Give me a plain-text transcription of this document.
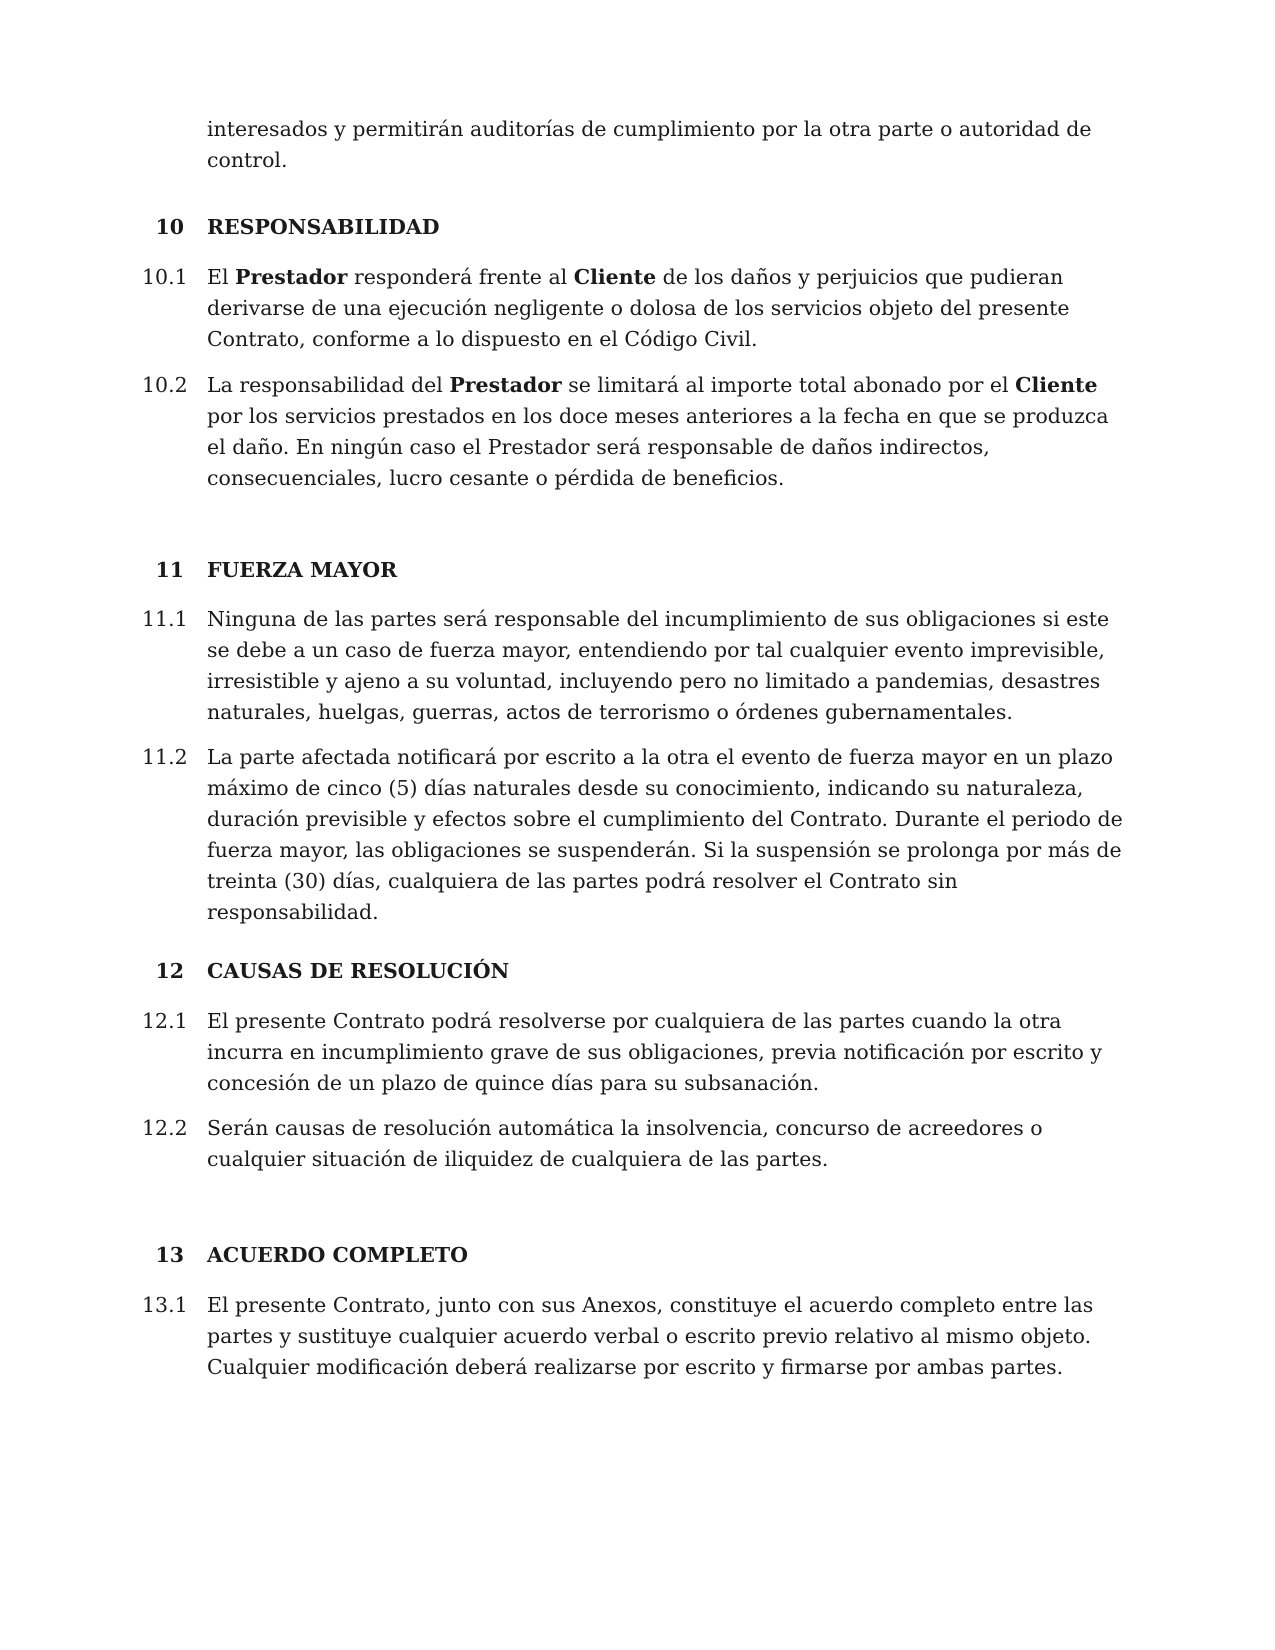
interesados y permitirán auditorías de cumplimiento por la otra parte o autoridad de control.
10 RESPONSABILIDAD
10.1 El Prestador responderá frente al Cliente de los daños y perjuicios que pudieran derivarse de una ejecución negligente o dolosa de los servicios objeto del presente Contrato, conforme a lo dispuesto en el Código Civil.
10.2 La responsabilidad del Prestador se limitará al importe total abonado por el Cliente por los servicios prestados en los doce meses anteriores a la fecha en que se produzca el daño. En ningún caso el Prestador será responsable de daños indirectos, consecuenciales, lucro cesante o pérdida de beneficios.
11 FUERZA MAYOR
11.1 Ninguna de las partes será responsable del incumplimiento de sus obligaciones si este se debe a un caso de fuerza mayor, entendiendo por tal cualquier evento imprevisible, irresistible y ajeno a su voluntad, incluyendo pero no limitado a pandemias, desastres naturales, huelgas, guerras, actos de terrorismo o órdenes gubernamentales.
11.2 La parte afectada notificará por escrito a la otra el evento de fuerza mayor en un plazo máximo de cinco (5) días naturales desde su conocimiento, indicando su naturaleza, duración previsible y efectos sobre el cumplimiento del Contrato. Durante el periodo de fuerza mayor, las obligaciones se suspenderán. Si la suspensión se prolonga por más de treinta (30) días, cualquiera de las partes podrá resolver el Contrato sin responsabilidad.
12 CAUSAS DE RESOLUCIÓN
12.1 El presente Contrato podrá resolverse por cualquiera de las partes cuando la otra incurra en incumplimiento grave de sus obligaciones, previa notificación por escrito y concesión de un plazo de quince días para su subsanación.
12.2 Serán causas de resolución automática la insolvencia, concurso de acreedores o cualquier situación de iliquidez de cualquiera de las partes.
13 ACUERDO COMPLETO
13.1 El presente Contrato, junto con sus Anexos, constituye el acuerdo completo entre las partes y sustituye cualquier acuerdo verbal o escrito previo relativo al mismo objeto. Cualquier modificación deberá realizarse por escrito y firmarse por ambas partes.
